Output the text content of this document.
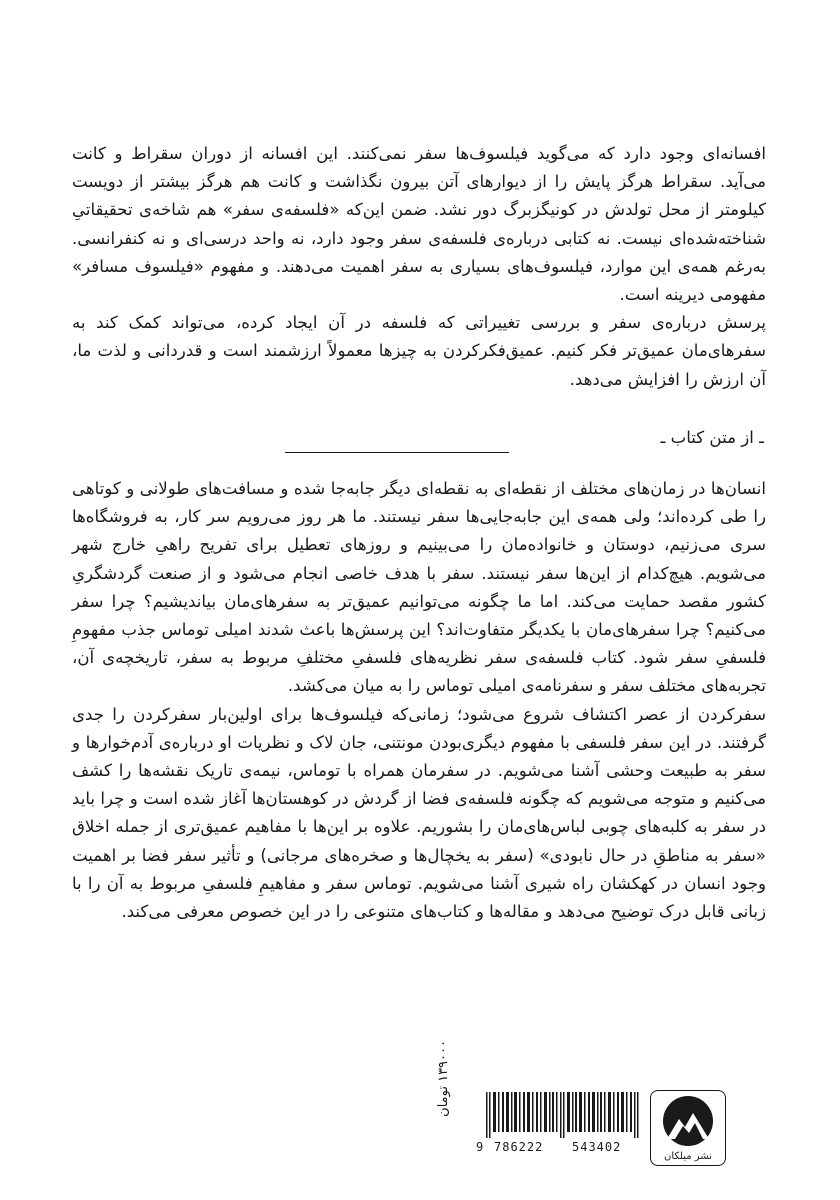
افسانه‌ای وجود دارد که می‌گوید فیلسوف‌ها سفر نمی‌کنند. این افسانه از دوران سقراط و کانت می‌آید. سقراط هرگز پایش را از دیوارهای آتن بیرون نگذاشت و کانت هم هرگز بیشتر از دویست کیلومتر از محل تولدش در کونیگزبرگ دور نشد. ضمن این‌که «فلسفه‌ی سفر» هم شاخه‌ی تحقیقاتیِ شناخته‌شده‌ای نیست. نه کتابی درباره‌ی فلسفه‌ی سفر وجود دارد، نه واحد درسی‌ای و نه کنفرانسی. به‌رغم همه‌ی این موارد، فیلسوف‌های بسیاری به سفر اهمیت می‌دهند. و مفهوم «فیلسوف مسافر» مفهومی دیرینه است.

پرسش درباره‌ی سفر و بررسی تغییراتی که فلسفه در آن ایجاد کرده، می‌تواند کمک کند به سفرهای‌مان عمیق‌تر فکر کنیم. عمیق‌فکرکردن به چیزها معمولاً ارزشمند است و قدردانی و لذت ما، آن ارزش را افزایش می‌دهد.

ـ از متن کتاب ـ

انسان‌ها در زمان‌های مختلف از نقطه‌ای به نقطه‌ای دیگر جابه‌جا شده و مسافت‌های طولانی و کوتاهی را طی کرده‌اند؛ ولی همه‌ی این جابه‌جایی‌ها سفر نیستند. ما هر روز می‌رویم سر کار، به فروشگاه‌ها سری می‌زنیم، دوستان و خانواده‌مان را می‌بینیم و روزهای تعطیل برای تفریح راهیِ خارج شهر می‌شویم. هیچ‌کدام از این‌ها سفر نیستند. سفر با هدف خاصی انجام می‌شود و از صنعت گردشگریِ کشور مقصد حمایت می‌کند. اما ما چگونه می‌توانیم عمیق‌تر به سفرهای‌مان بیاندیشیم؟ چرا سفر می‌کنیم؟ چرا سفرهای‌مان با یکدیگر متفاوت‌اند؟ این پرسش‌ها باعث شدند امیلی توماس جذب مفهومِ فلسفیِ سفر شود. کتاب فلسفه‌ی سفر نظریه‌های فلسفیِ مختلفِ مربوط به سفر، تاریخچه‌ی آن، تجربه‌های مختلف سفر و سفرنامه‌ی امیلی توماس را به میان می‌کشد.

سفرکردن از عصر اکتشاف شروع می‌شود؛ زمانی‌که فیلسوف‌ها برای اولین‌بار سفرکردن را جدی گرفتند. در این سفر فلسفی با مفهوم دیگری‌بودن مونتنی، جان لاک و نظریات او درباره‌ی آدم‌خوارها و سفر به طبیعت وحشی آشنا می‌شویم. در سفرمان همراه با توماس، نیمه‌ی تاریک نقشه‌ها را کشف می‌کنیم و متوجه می‌شویم که چگونه فلسفه‌ی فضا از گردش در کوهستان‌ها آغاز شده است و چرا باید در سفر به کلبه‌های چوبی لباس‌های‌مان را بشوریم. علاوه بر این‌ها با مفاهیم عمیق‌تری از جمله اخلاق «سفر به مناطقِ در حال نابودی» (سفر به یخچال‌ها و صخره‌های مرجانی) و تأثیر سفر فضا بر اهمیت وجود انسان در کهکشان راه شیری آشنا می‌شویم. توماس سفر و مفاهیمِ فلسفیِ مربوط به آن را با زبانی قابل درک توضیح می‌دهد و مقاله‌ها و کتاب‌های متنوعی را در این خصوص معرفی می‌کند.

نشر میلکان
9 786222 543402
۱۳۹۰۰۰ تومان
